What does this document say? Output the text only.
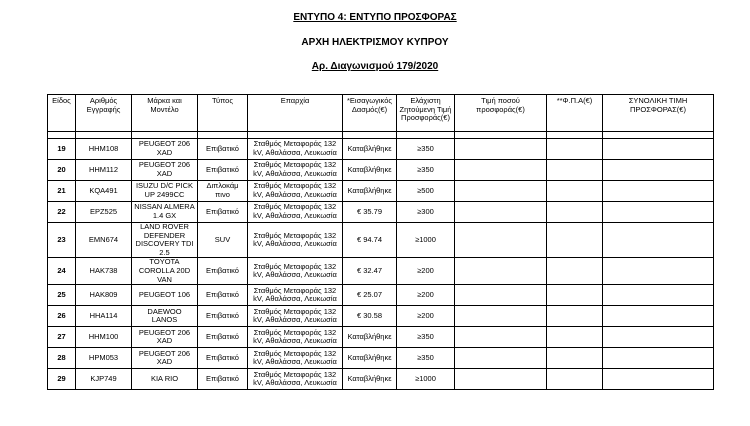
ΕΝΤΥΠΟ 4: ΕΝΤΥΠΟ ΠΡΟΣΦΟΡΑΣ
ΑΡΧΗ ΗΛΕΚΤΡΙΣΜΟΥ ΚΥΠΡΟΥ
Αρ. Διαγωνισμού 179/2020
Είδος	Αριθμός Εγγραφής	Μάρκα και Μοντέλο	Τύπος	Επαρχία	*Εισαγωγικός Δασμός(€)	Ελάχιστη Ζητούμενη Τιμή Προσφοράς(€)	Τιμή ποσού προσφοράς(€)	**Φ.Π.Α(€)	ΣΥΝΟΛΙΚΗ ΤΙΜΗ ΠΡΟΣΦΟΡΑΣ(€)

19	HHM108	PEUGEOT 206 XAD	Επιβατικό	Σταθμός Μεταφοράς 132 kV, Αθαλάσσα, Λευκωσία	Καταβλήθηκε	≥350			
20	HHM112	PEUGEOT 206 XAD	Επιβατικό	Σταθμός Μεταφοράς 132 kV, Αθαλάσσα, Λευκωσία	Καταβλήθηκε	≥350			
21	KQA491	ISUZU D/C PICK UP 2499CC	Διπλοκάμ πινο	Σταθμός Μεταφοράς 132 kV, Αθαλάσσα, Λευκωσία	Καταβλήθηκε	≥500			
22	EPZ525	NISSAN ALMERA 1.4 GX	Επιβατικό	Σταθμός Μεταφοράς 132 kV, Αθαλάσσα, Λευκωσία	€ 35.79	≥300			
23	EMN674	LAND ROVER DEFENDER DISCOVERY TDI 2.5	SUV	Σταθμός Μεταφοράς 132 kV, Αθαλάσσα, Λευκωσία	€ 94.74	≥1000			
24	HAK738	TOYOTA COROLLA 20D VAN	Επιβατικό	Σταθμός Μεταφοράς 132 kV, Αθαλάσσα, Λευκωσία	€ 32.47	≥200			
25	HAK809	PEUGEOT 106	Επιβατικό	Σταθμός Μεταφοράς 132 kV, Αθαλάσσα, Λευκωσία	€ 25.07	≥200			
26	HHA114	DAEWOO LANOS	Επιβατικό	Σταθμός Μεταφοράς 132 kV, Αθαλάσσα, Λευκωσία	€ 30.58	≥200			
27	HHM100	PEUGEOT 206 XAD	Επιβατικό	Σταθμός Μεταφοράς 132 kV, Αθαλάσσα, Λευκωσία	Καταβλήθηκε	≥350			
28	HPM053	PEUGEOT 206 XAD	Επιβατικό	Σταθμός Μεταφοράς 132 kV, Αθαλάσσα, Λευκωσία	Καταβλήθηκε	≥350			
29	KJP749	KIA RIO	Επιβατικό	Σταθμός Μεταφοράς 132 kV, Αθαλάσσα, Λευκωσία	Καταβλήθηκε	≥1000			
